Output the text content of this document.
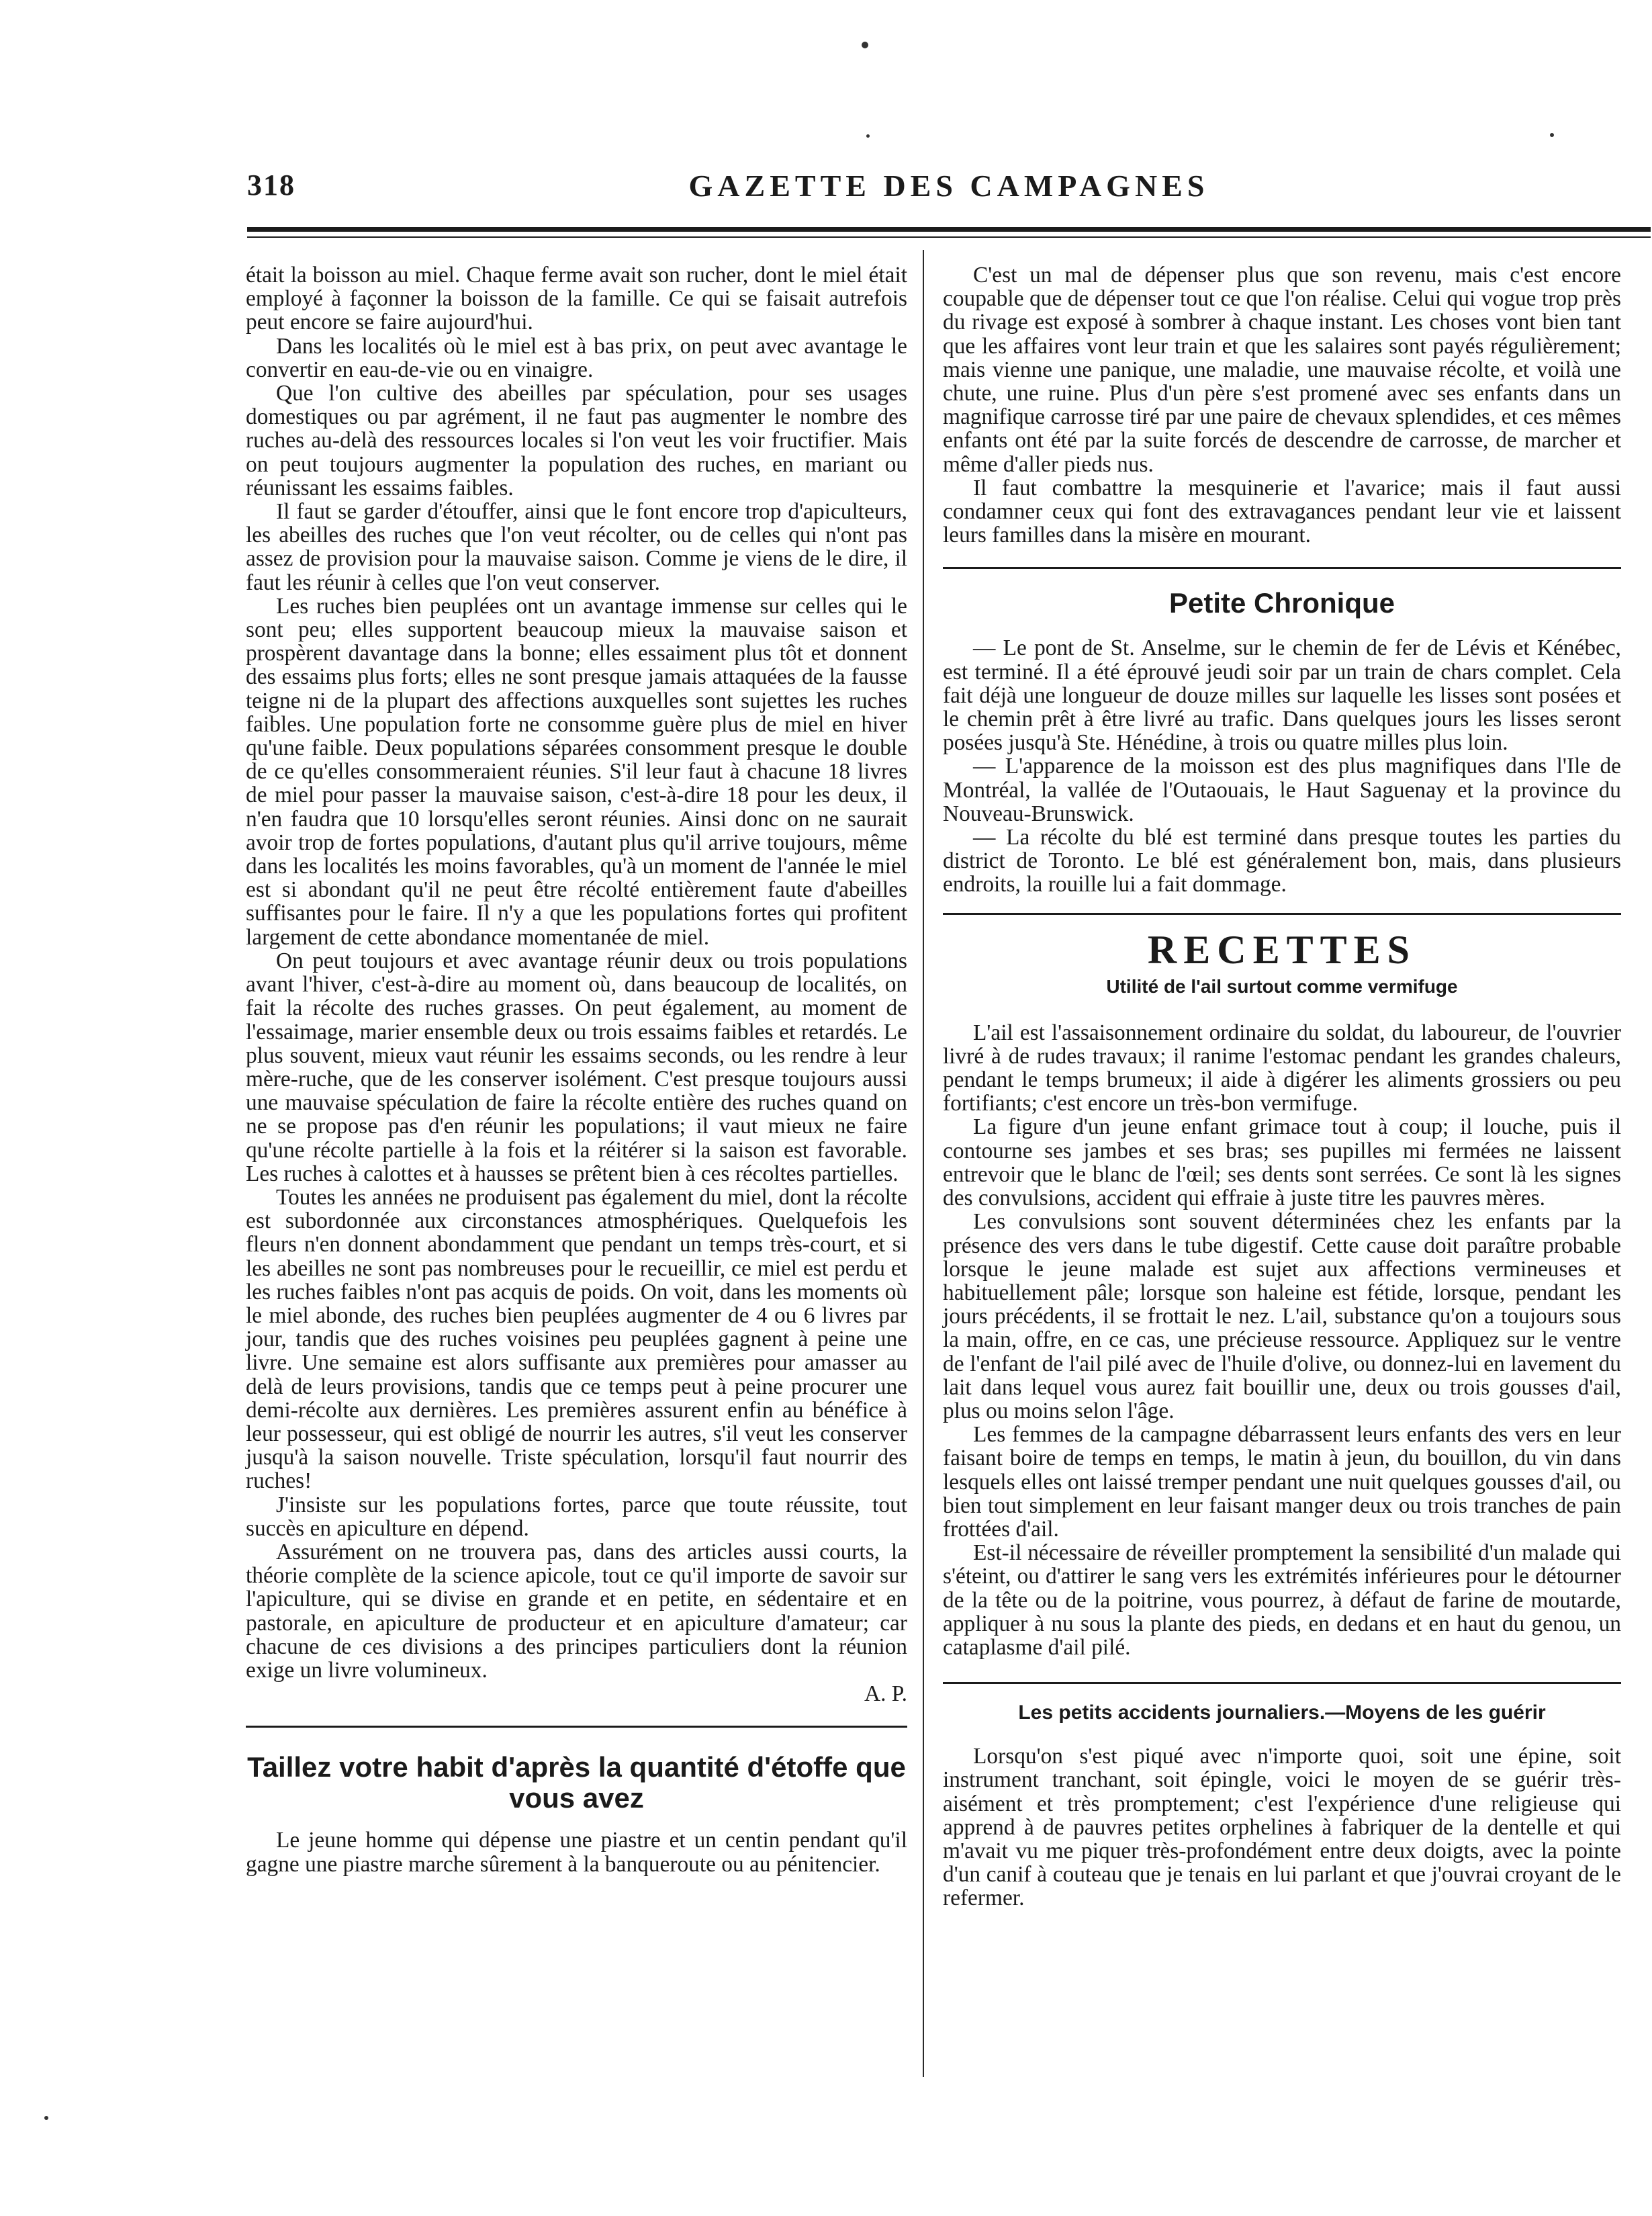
318	GAZETTE DES CAMPAGNES

était la boisson au miel. Chaque ferme avait son rucher, dont le miel était employé à façonner la boisson de la famille. Ce qui se faisait autrefois peut encore se faire aujourd'hui.

Dans les localités où le miel est à bas prix, on peut avec avantage le convertir en eau-de-vie ou en vinaigre.

Que l'on cultive des abeilles par spéculation, pour ses usages domestiques ou par agrément, il ne faut pas augmenter le nombre des ruches au-delà des ressources locales si l'on veut les voir fructifier. Mais on peut toujours augmenter la population des ruches, en mariant ou réunissant les essaims faibles.

Il faut se garder d'étouffer, ainsi que le font encore trop d'apiculteurs, les abeilles des ruches que l'on veut récolter, ou de celles qui n'ont pas assez de provision pour la mauvaise saison. Comme je viens de le dire, il faut les réunir à celles que l'on veut conserver.

Les ruches bien peuplées ont un avantage immense sur celles qui le sont peu; elles supportent beaucoup mieux la mauvaise saison et prospèrent davantage dans la bonne; elles essaiment plus tôt et donnent des essaims plus forts; elles ne sont presque jamais attaquées de la fausse teigne ni de la plupart des affections auxquelles sont sujettes les ruches faibles. Une population forte ne consomme guère plus de miel en hiver qu'une faible. Deux populations séparées consomment presque le double de ce qu'elles consommeraient réunies. S'il leur faut à chacune 18 livres de miel pour passer la mauvaise saison, c'est-à-dire 18 pour les deux, il n'en faudra que 10 lorsqu'elles seront réunies. Ainsi donc on ne saurait avoir trop de fortes populations, d'autant plus qu'il arrive toujours, même dans les localités les moins favorables, qu'à un moment de l'année le miel est si abondant qu'il ne peut être récolté entièrement faute d'abeilles suffisantes pour le faire. Il n'y a que les populations fortes qui profitent largement de cette abondance momentanée de miel.

On peut toujours et avec avantage réunir deux ou trois populations avant l'hiver, c'est-à-dire au moment où, dans beaucoup de localités, on fait la récolte des ruches grasses. On peut également, au moment de l'essaimage, marier ensemble deux ou trois essaims faibles et retardés. Le plus souvent, mieux vaut réunir les essaims seconds, ou les rendre à leur mère-ruche, que de les conserver isolément. C'est presque toujours aussi une mauvaise spéculation de faire la récolte entière des ruches quand on ne se propose pas d'en réunir les populations; il vaut mieux ne faire qu'une récolte partielle à la fois et la réitérer si la saison est favorable. Les ruches à calottes et à hausses se prêtent bien à ces récoltes partielles.

Toutes les années ne produisent pas également du miel, dont la récolte est subordonnée aux circonstances atmosphériques. Quelquefois les fleurs n'en donnent abondamment que pendant un temps très-court, et si les abeilles ne sont pas nombreuses pour le recueillir, ce miel est perdu et les ruches faibles n'ont pas acquis de poids. On voit, dans les moments où le miel abonde, des ruches bien peuplées augmenter de 4 ou 6 livres par jour, tandis que des ruches voisines peu peuplées gagnent à peine une livre. Une semaine est alors suffisante aux premières pour amasser au delà de leurs provisions, tandis que ce temps peut à peine procurer une demi-récolte aux dernières. Les premières assurent enfin au bénéfice à leur possesseur, qui est obligé de nourrir les autres, s'il veut les conserver jusqu'à la saison nouvelle. Triste spéculation, lorsqu'il faut nourrir des ruches!

J'insiste sur les populations fortes, parce que toute réussite, tout succès en apiculture en dépend.

Assurément on ne trouvera pas, dans des articles aussi courts, la théorie complète de la science apicole, tout ce qu'il importe de savoir sur l'apiculture, qui se divise en grande et en petite, en sédentaire et en pastorale, en apiculture de producteur et en apiculture d'amateur; car chacune de ces divisions a des principes particuliers dont la réunion exige un livre volumineux.

A. P.

Taillez votre habit d'après la quantité d'étoffe que vous avez

Le jeune homme qui dépense une piastre et un centin pendant qu'il gagne une piastre marche sûrement à la banqueroute ou au pénitencier.

C'est un mal de dépenser plus que son revenu, mais c'est encore coupable que de dépenser tout ce que l'on réalise. Celui qui vogue trop près du rivage est exposé à sombrer à chaque instant. Les choses vont bien tant que les affaires vont leur train et que les salaires sont payés régulièrement; mais vienne une panique, une maladie, une mauvaise récolte, et voilà une chute, une ruine. Plus d'un père s'est promené avec ses enfants dans un magnifique carrosse tiré par une paire de chevaux splendides, et ces mêmes enfants ont été par la suite forcés de descendre de carrosse, de marcher et même d'aller pieds nus.

Il faut combattre la mesquinerie et l'avarice; mais il faut aussi condamner ceux qui font des extravagances pendant leur vie et laissent leurs familles dans la misère en mourant.

Petite Chronique

— Le pont de St. Anselme, sur le chemin de fer de Lévis et Kénébec, est terminé. Il a été éprouvé jeudi soir par un train de chars complet. Cela fait déjà une longueur de douze milles sur laquelle les lisses sont posées et le chemin prêt à être livré au trafic. Dans quelques jours les lisses seront posées jusqu'à Ste. Hénédine, à trois ou quatre milles plus loin.

— L'apparence de la moisson est des plus magnifiques dans l'Ile de Montréal, la vallée de l'Outaouais, le Haut Saguenay et la province du Nouveau-Brunswick.

— La récolte du blé est terminé dans presque toutes les parties du district de Toronto. Le blé est généralement bon, mais, dans plusieurs endroits, la rouille lui a fait dommage.

RECETTES
Utilité de l'ail surtout comme vermifuge

L'ail est l'assaisonnement ordinaire du soldat, du laboureur, de l'ouvrier livré à de rudes travaux; il ranime l'estomac pendant les grandes chaleurs, pendant le temps brumeux; il aide à digérer les aliments grossiers ou peu fortifiants; c'est encore un très-bon vermifuge.

La figure d'un jeune enfant grimace tout à coup; il louche, puis il contourne ses jambes et ses bras; ses pupilles mi fermées ne laissent entrevoir que le blanc de l'œil; ses dents sont serrées. Ce sont là les signes des convulsions, accident qui effraie à juste titre les pauvres mères.

Les convulsions sont souvent déterminées chez les enfants par la présence des vers dans le tube digestif. Cette cause doit paraître probable lorsque le jeune malade est sujet aux affections vermineuses et habituellement pâle; lorsque son haleine est fétide, lorsque, pendant les jours précédents, il se frottait le nez. L'ail, substance qu'on a toujours sous la main, offre, en ce cas, une précieuse ressource. Appliquez sur le ventre de l'enfant de l'ail pilé avec de l'huile d'olive, ou donnez-lui en lavement du lait dans lequel vous aurez fait bouillir une, deux ou trois gousses d'ail, plus ou moins selon l'âge.

Les femmes de la campagne débarrassent leurs enfants des vers en leur faisant boire de temps en temps, le matin à jeun, du bouillon, du vin dans lesquels elles ont laissé tremper pendant une nuit quelques gousses d'ail, ou bien tout simplement en leur faisant manger deux ou trois tranches de pain frottées d'ail.

Est-il nécessaire de réveiller promptement la sensibilité d'un malade qui s'éteint, ou d'attirer le sang vers les extrémités inférieures pour le détourner de la tête ou de la poitrine, vous pourrez, à défaut de farine de moutarde, appliquer à nu sous la plante des pieds, en dedans et en haut du genou, un cataplasme d'ail pilé.

Les petits accidents journaliers.—Moyens de les guérir

Lorsqu'on s'est piqué avec n'importe quoi, soit une épine, soit instrument tranchant, soit épingle, voici le moyen de se guérir très-aisément et très promptement; c'est l'expérience d'une religieuse qui apprend à de pauvres petites orphelines à fabriquer de la dentelle et qui m'avait vu me piquer très-profondément entre deux doigts, avec la pointe d'un canif à couteau que je tenais en lui parlant et que j'ouvrai croyant de le refermer.
